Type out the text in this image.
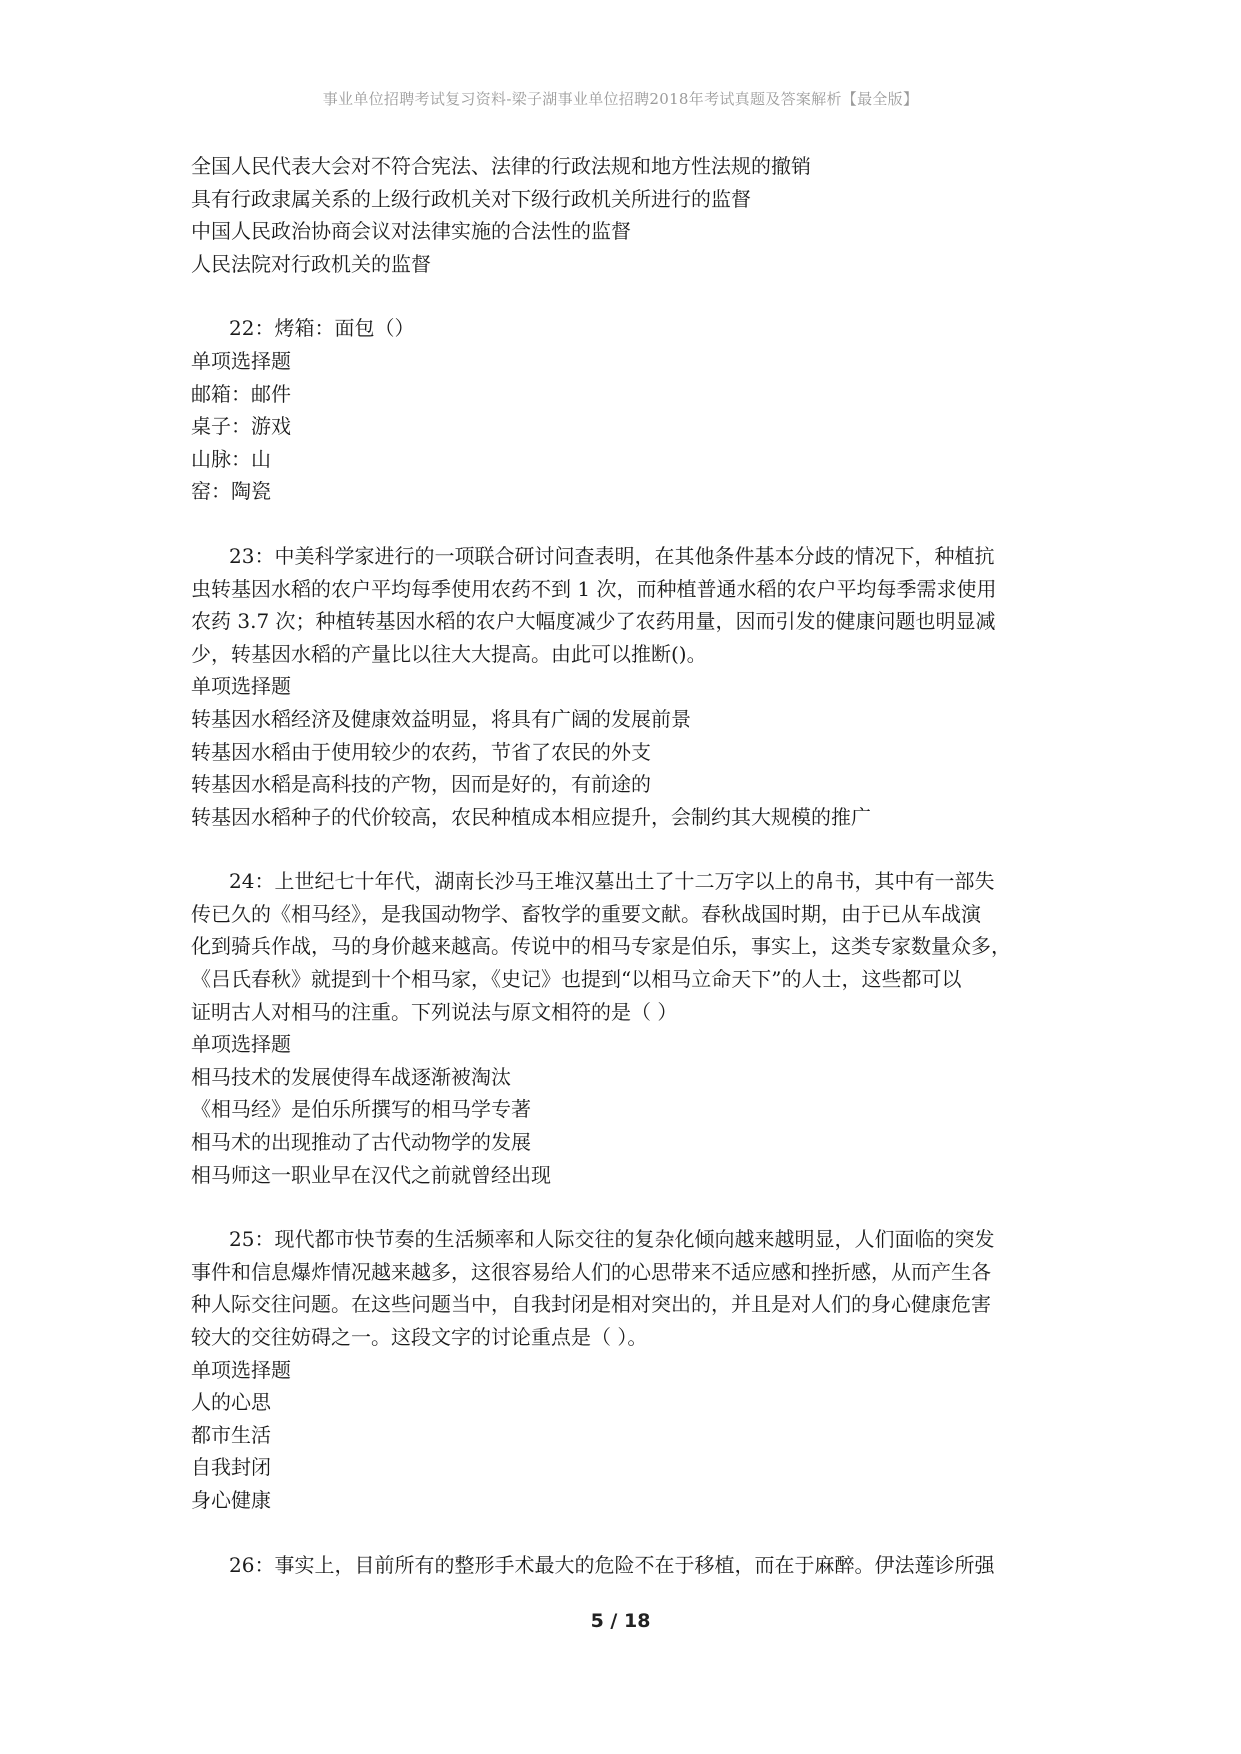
事业单位招聘考试复习资料-梁子湖事业单位招聘2018年考试真题及答案解析【最全版】
全国人民代表大会对不符合宪法、法律的行政法规和地方性法规的撤销
具有行政隶属关系的上级行政机关对下级行政机关所进行的监督
中国人民政治协商会议对法律实施的合法性的监督
人民法院对行政机关的监督
22：烤箱：面包（）
单项选择题
邮箱：邮件
桌子：游戏
山脉：山
窑：陶瓷
23：中美科学家进行的一项联合研讨问查表明，在其他条件基本分歧的情况下，种植抗
虫转基因水稻的农户平均每季使用农药不到 1 次，而种植普通水稻的农户平均每季需求使用
农药 3.7 次；种植转基因水稻的农户大幅度减少了农药用量，因而引发的健康问题也明显减
少，转基因水稻的产量比以往大大提高。由此可以推断()。
单项选择题
转基因水稻经济及健康效益明显，将具有广阔的发展前景
转基因水稻由于使用较少的农药，节省了农民的外支
转基因水稻是高科技的产物，因而是好的，有前途的
转基因水稻种子的代价较高，农民种植成本相应提升，会制约其大规模的推广
24：上世纪七十年代，湖南长沙马王堆汉墓出土了十二万字以上的帛书，其中有一部失
传已久的《相马经》，是我国动物学、畜牧学的重要文献。春秋战国时期，由于已从车战演
化到骑兵作战，马的身价越来越高。传说中的相马专家是伯乐，事实上，这类专家数量众多，
《吕氏春秋》就提到十个相马家，《史记》也提到“以相马立命天下”的人士，这些都可以
证明古人对相马的注重。下列说法与原文相符的是（ ）
单项选择题
相马技术的发展使得车战逐渐被淘汰
《相马经》是伯乐所撰写的相马学专著
相马术的出现推动了古代动物学的发展
相马师这一职业早在汉代之前就曾经出现
25：现代都市快节奏的生活频率和人际交往的复杂化倾向越来越明显，人们面临的突发
事件和信息爆炸情况越来越多，这很容易给人们的心思带来不适应感和挫折感，从而产生各
种人际交往问题。在这些问题当中，自我封闭是相对突出的，并且是对人们的身心健康危害
较大的交往妨碍之一。这段文字的讨论重点是（ ）。
单项选择题
人的心思
都市生活
自我封闭
身心健康
26：事实上，目前所有的整形手术最大的危险不在于移植，而在于麻醉。伊法莲诊所强
5 / 18
